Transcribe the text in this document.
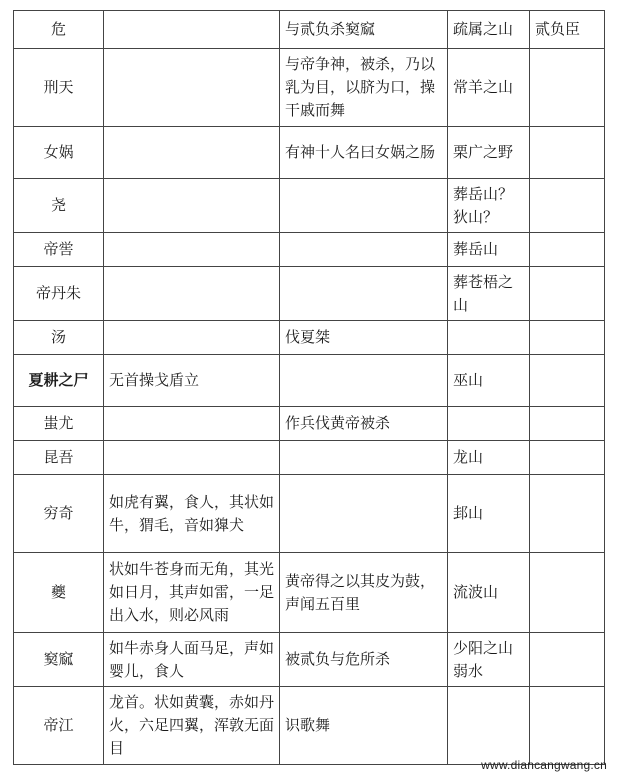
危		与贰负杀窫窳	疏属之山	贰负臣
刑天		与帝争神，被杀，乃以乳为目，以脐为口，操干戚而舞	常羊之山	
女娲		有神十人名曰女娲之肠	栗广之野	
尧			葬岳山？狄山？	
帝喾			葬岳山	
帝丹朱			葬苍梧之山	
汤		伐夏桀		
夏耕之尸	无首操戈盾立		巫山	
蚩尤		作兵伐黄帝被杀		
昆吾			龙山	
穷奇	如虎有翼，食人，其状如牛，猬毛，音如獋犬		邽山	
夔	状如牛苍身而无角，其光如日月，其声如雷，一足出入水，则必风雨	黄帝得之以其皮为鼓，声闻五百里	流波山	
窫窳	如牛赤身人面马足，声如婴儿，食人	被贰负与危所杀	少阳之山弱水	
帝江	龙首。状如黄囊，赤如丹火，六足四翼，浑敦无面目	识歌舞		
www.diancangwang.cn
